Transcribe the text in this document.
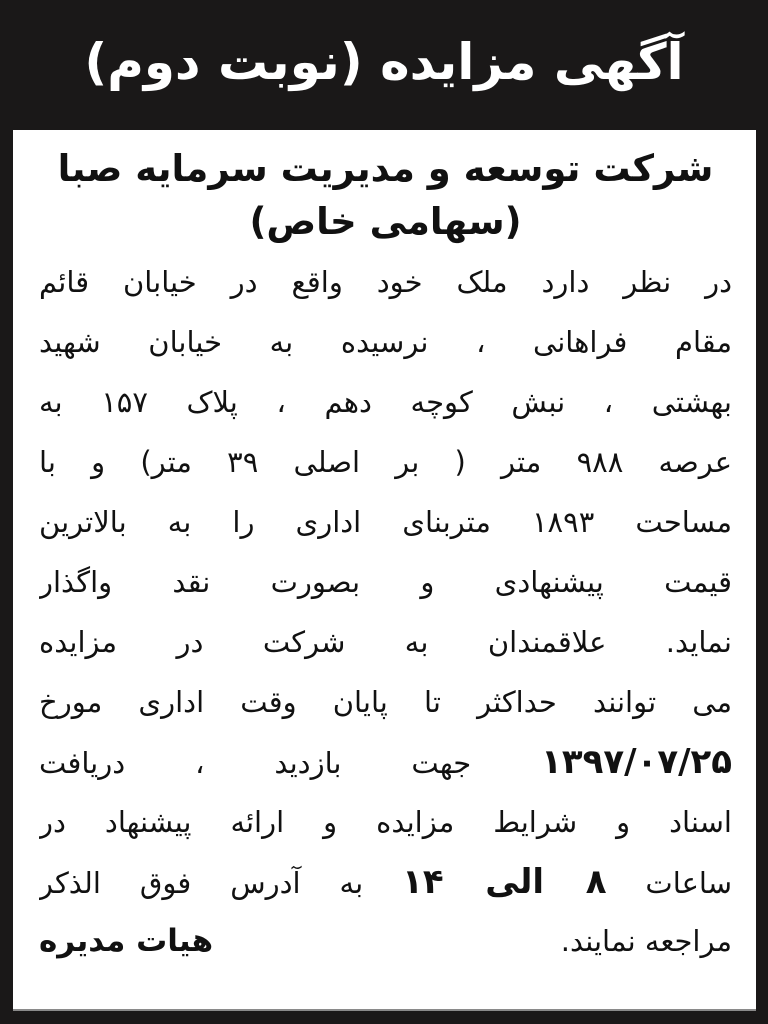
آگهی مزایده (نوبت دوم)
شرکت توسعه و مدیریت سرمایه صبا
(سهامی خاص)
در نظر دارد ملک خود واقع در خیابان قائم
مقام فراهانی ، نرسیده به خیابان شهید
بهشتی ، نبش کوچه دهم ، پلاک ۱۵۷ به
عرصه ۹۸۸ متر ( بر اصلی ۳۹ متر) و با
مساحت ۱۸۹۳ متربنای اداری را به بالاترین
قیمت پیشنهادی و بصورت نقد واگذار
نماید. علاقمندان به شرکت در مزایده
می توانند حداکثر تا پایان وقت اداری مورخ
۱۳۹۷/۰۷/۲۵ جهت بازدید ، دریافت
اسناد و شرایط مزایده و ارائه پیشنهاد در
ساعات ۸ الی ۱۴ به آدرس فوق الذکر
مراجعه نمایند.
هیات مدیره
